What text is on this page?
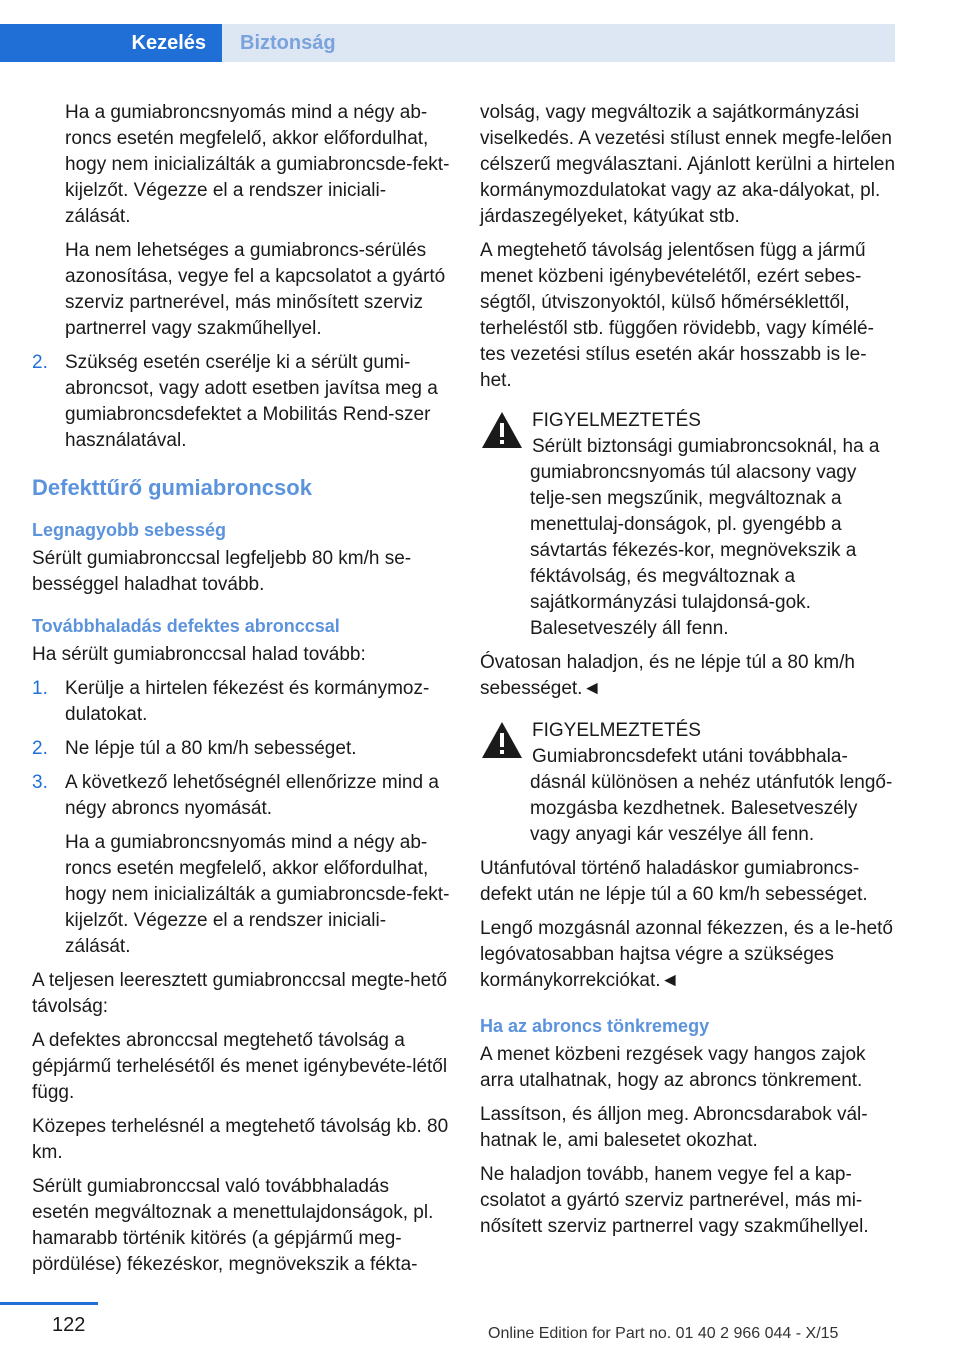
Kezelés	Biztonság

Ha a gumiabroncsnyomás mind a négy ab-roncs esetén megfelelő, akkor előfordulhat, hogy nem inicializálták a gumiabroncsde-fekt-kijelzőt. Végezze el a rendszer iniciali-zálását.

Ha nem lehetséges a gumiabroncs-sérülés azonosítása, vegye fel a kapcsolatot a gyártó szerviz partnerével, más minősített szerviz partnerrel vagy szakműhellyel.

2. Szükség esetén cserélje ki a sérült gumi-abroncsot, vagy adott esetben javítsa meg a gumiabroncsdefektet a Mobilitás Rend-szer használatával.
Defekttűrő gumiabroncsok
Legnagyobb sebesség

Sérült gumiabronccsal legfeljebb 80 km/h se-bességgel haladhat tovább.

Továbbhaladás defektes abronccsal

Ha sérült gumiabronccsal halad tovább:

1. Kerülje a hirtelen fékezést és kormánymoz-dulatokat.
2. Ne lépje túl a 80 km/h sebességet.
3. A következő lehetőségnél ellenőrizze mind a négy abroncs nyomását.

Ha a gumiabroncsnyomás mind a négy ab-roncs esetén megfelelő, akkor előfordulhat, hogy nem inicializálták a gumiabroncsde-fekt-kijelzőt. Végezze el a rendszer iniciali-zálását.

A teljesen leeresztett gumiabronccsal megte-hető távolság:

A defektes abronccsal megtehető távolság a gépjármű terhelésétől és menet igénybevéte-létől függ.

Közepes terhelésnél a megtehető távolság kb. 80 km.

Sérült gumiabronccsal való továbbhaladás esetén megváltoznak a menettulajdonságok, pl. hamarabb történik kitörés (a gépjármű meg-pördülése) fékezéskor, megnövekszik a fékta-

volság, vagy megváltozik a sajátkormányzási viselkedés. A vezetési stílust ennek megfe-lelően célszerű megválasztani. Ajánlott kerülni a hirtelen kormánymozdulatokat vagy az aka-dályokat, pl. járdaszegélyeket, kátyúkat stb.

A megtehető távolság jelentősen függ a jármű menet közbeni igénybevételétől, ezért sebes-ségtől, útviszonyoktól, külső hőmérséklettől, terheléstől stb. függően rövidebb, vagy kímélé-tes vezetési stílus esetén akár hosszabb is le-het.

FIGYELMEZTETÉS
Sérült biztonsági gumiabroncsoknál, ha a gumiabroncsnyomás túl alacsony vagy telje-sen megszűnik, megváltoznak a menettulaj-donságok, pl. gyengébb a sávtartás fékezés-kor, megnövekszik a féktávolság, és megváltoznak a sajátkormányzási tulajdonsá-gok. Balesetveszély áll fenn.

Óvatosan haladjon, és ne lépje túl a 80 km/h sebességet.◄

FIGYELMEZTETÉS
Gumiabroncsdefekt utáni továbbhala-dásnál különösen a nehéz utánfutók lengő-mozgásba kezdhetnek. Balesetveszély vagy anyagi kár veszélye áll fenn.

Utánfutóval történő haladáskor gumiabroncs-defekt után ne lépje túl a 60 km/h sebességet.

Lengő mozgásnál azonnal fékezzen, és a le-hető legóvatosabban hajtsa végre a szükséges kormánykorrekciókat.◄

Ha az abroncs tönkremegy

A menet közbeni rezgések vagy hangos zajok arra utalhatnak, hogy az abroncs tönkrement.

Lassítson, és álljon meg. Abroncsdarabok vál-hatnak le, ami balesetet okozhat.

Ne haladjon tovább, hanem vegye fel a kap-csolatot a gyártó szerviz partnerével, más mi-nősített szerviz partnerrel vagy szakműhellyel.

122	Online Edition for Part no. 01 40 2 966 044 - X/15
